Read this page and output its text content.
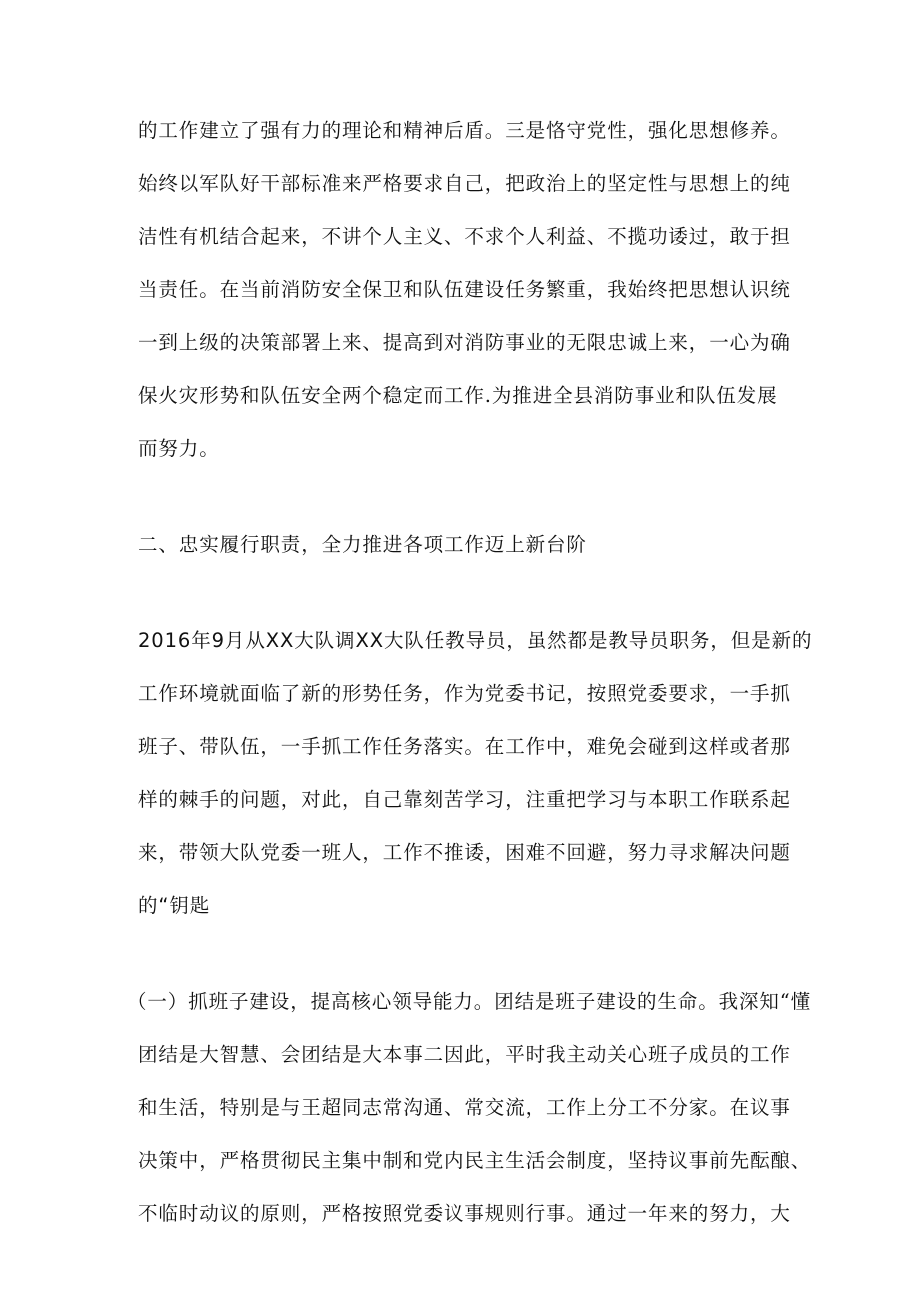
的工作建立了强有力的理论和精神后盾。三是恪守党性，强化思想修养。
始终以军队好干部标准来严格要求自己，把政治上的坚定性与思想上的纯
洁性有机结合起来，不讲个人主义、不求个人利益、不揽功诿过，敢于担
当责任。在当前消防安全保卫和队伍建设任务繁重，我始终把思想认识统
一到上级的决策部署上来、提高到对消防事业的无限忠诚上来，一心为确
保火灾形势和队伍安全两个稳定而工作.为推进全县消防事业和队伍发展
而努力。
二、忠实履行职责，全力推进各项工作迈上新台阶
2016年9月从XX大队调XX大队任教导员，虽然都是教导员职务，但是新的
工作环境就面临了新的形势任务，作为党委书记，按照党委要求，一手抓
班子、带队伍，一手抓工作任务落实。在工作中，难免会碰到这样或者那
样的棘手的问题，对此，自己靠刻苦学习，注重把学习与本职工作联系起
来，带领大队党委一班人，工作不推诿，困难不回避，努力寻求解决问题
的“钥匙
（一）抓班子建设，提高核心领导能力。团结是班子建设的生命。我深知“懂
团结是大智慧、会团结是大本事二因此，平时我主动关心班子成员的工作
和生活，特别是与王超同志常沟通、常交流，工作上分工不分家。在议事
决策中，严格贯彻民主集中制和党内民主生活会制度，坚持议事前先酝酿、
不临时动议的原则，严格按照党委议事规则行事。通过一年来的努力，大
